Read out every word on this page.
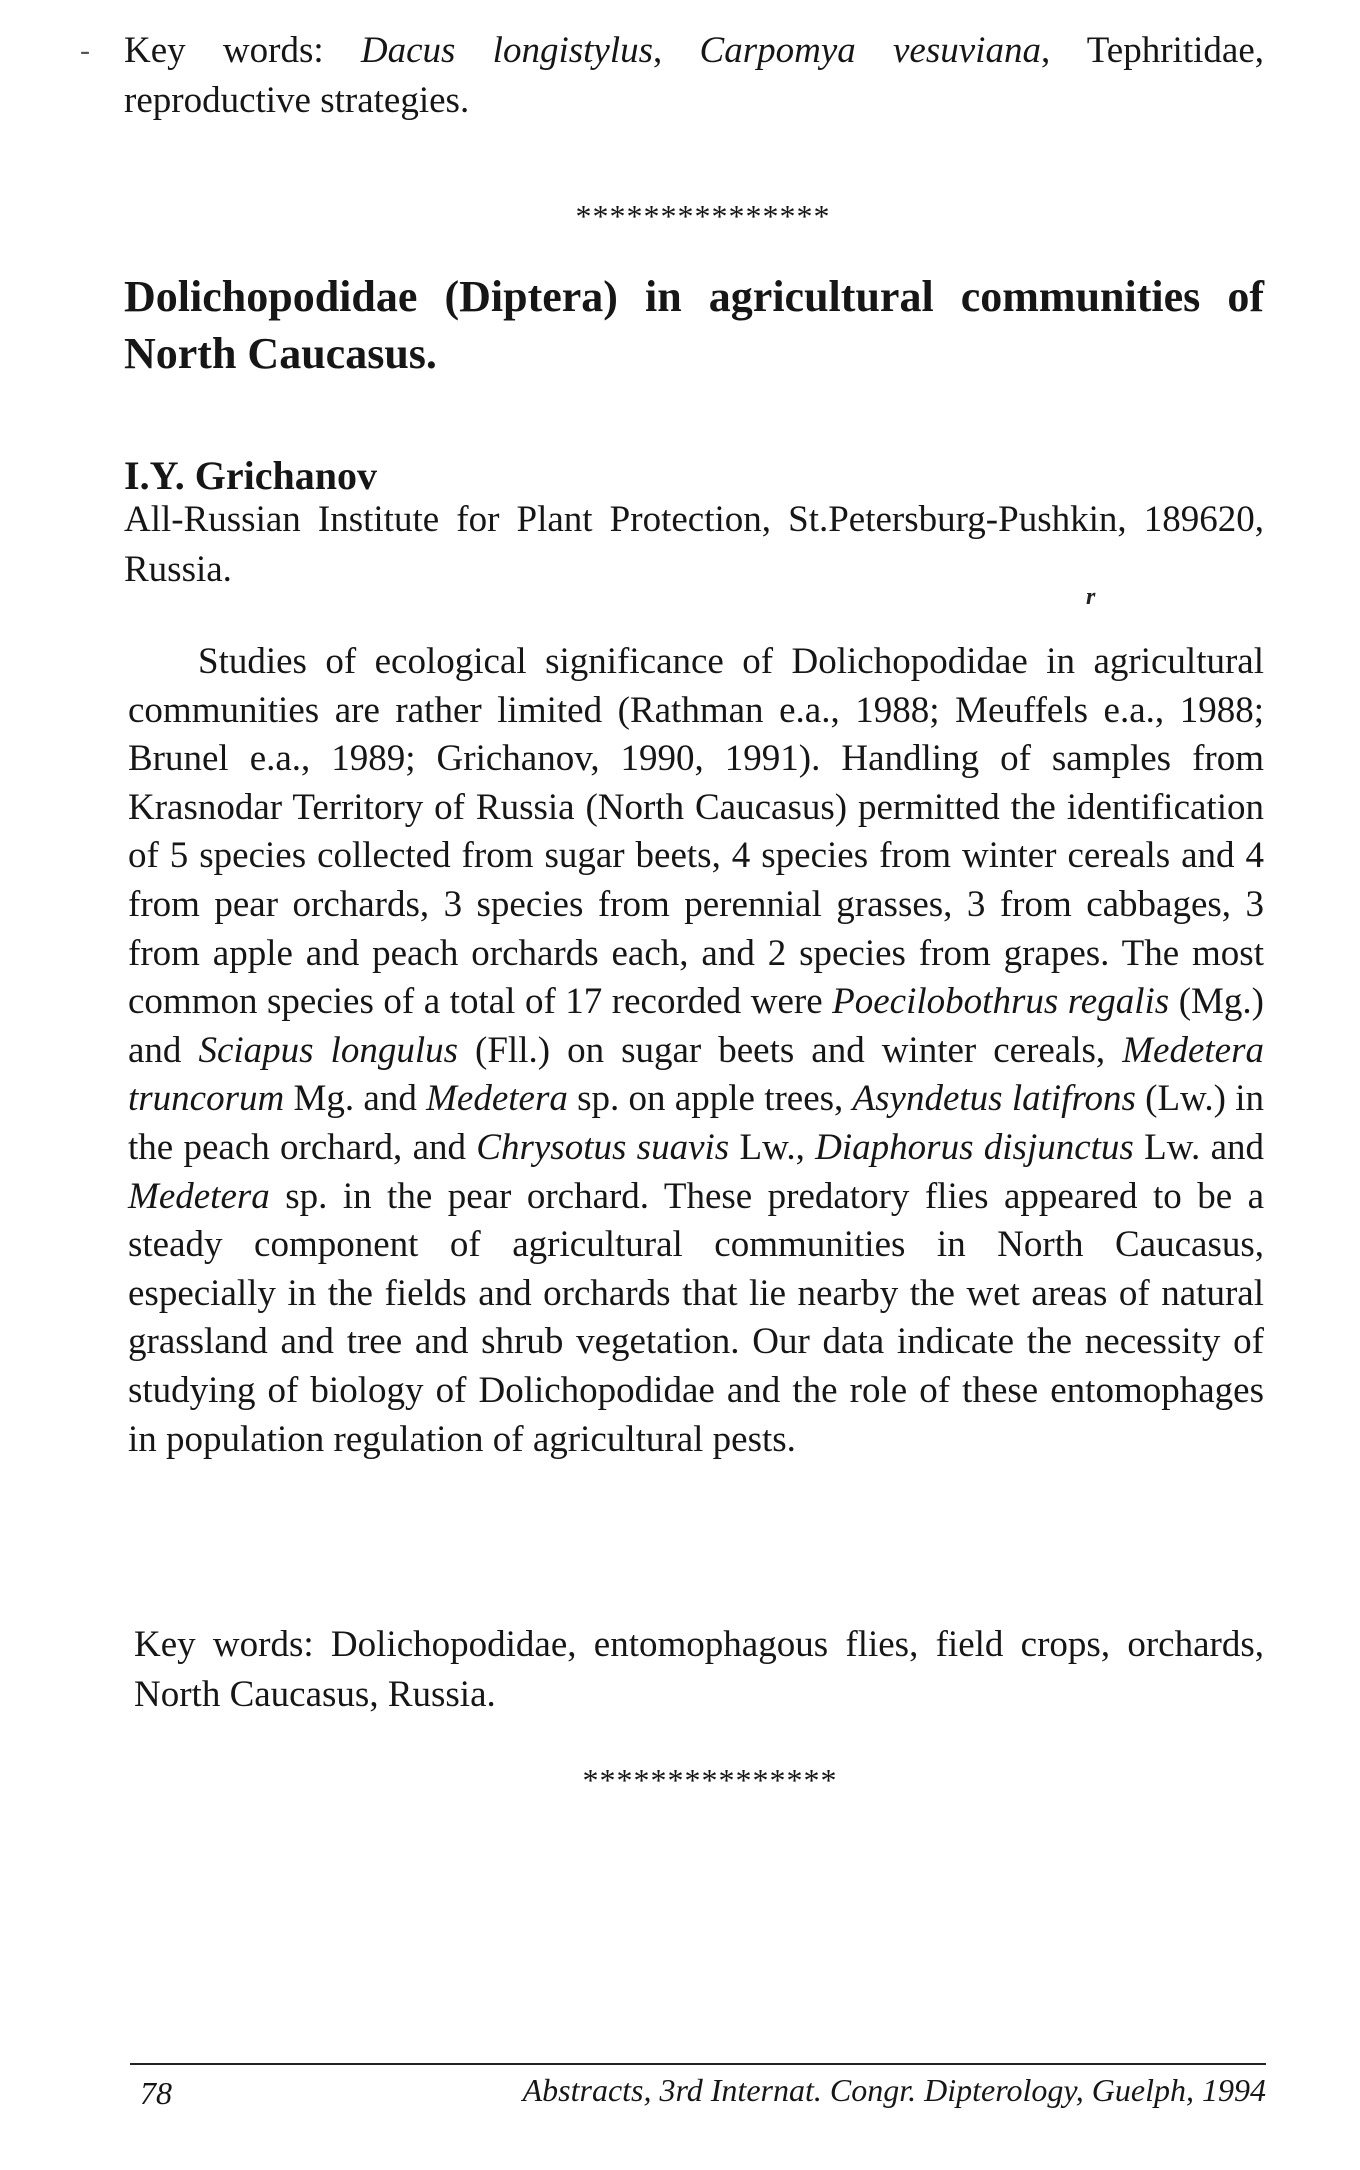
- Key words: Dacus longistylus, Carpomya vesuviana, Tephritidae, reproductive strategies.
***************
Dolichopodidae (Diptera) in agricultural communities of North Caucasus.
I.Y. Grichanov
All-Russian Institute for Plant Protection, St.Petersburg-Pushkin, 189620, Russia.
r

Studies of ecological significance of Dolichopodidae in agricultural communities are rather limited (Rathman e.a., 1988; Meuffels e.a., 1988; Brunel e.a., 1989; Grichanov, 1990, 1991). Handling of samples from Krasnodar Territory of Russia (North Caucasus) permitted the identification of 5 species collected from sugar beets, 4 species from winter cereals and 4 from pear orchards, 3 species from perennial grasses, 3 from cabbages, 3 from apple and peach orchards each, and 2 species from grapes. The most common species of a total of 17 recorded were Poecilobothrus regalis (Mg.) and Sciapus longulus (Fll.) on sugar beets and winter cereals, Medetera truncorum Mg. and Medetera sp. on apple trees, Asyndetus latifrons (Lw.) in the peach orchard, and Chrysotus suavis Lw., Diaphorus disjunctus Lw. and Medetera sp. in the pear orchard. These predatory flies appeared to be a steady component of agricultural communities in North Caucasus, especially in the fields and orchards that lie nearby the wet areas of natural grassland and tree and shrub vegetation. Our data indicate the necessity of studying of biology of Dolichopodidae and the role of these entomophages in population regulation of agricultural pests.

Key words: Dolichopodidae, entomophagous flies, field crops, orchards, North Caucasus, Russia.
***************
78	Abstracts, 3rd Internat. Congr. Dipterology, Guelph, 1994
